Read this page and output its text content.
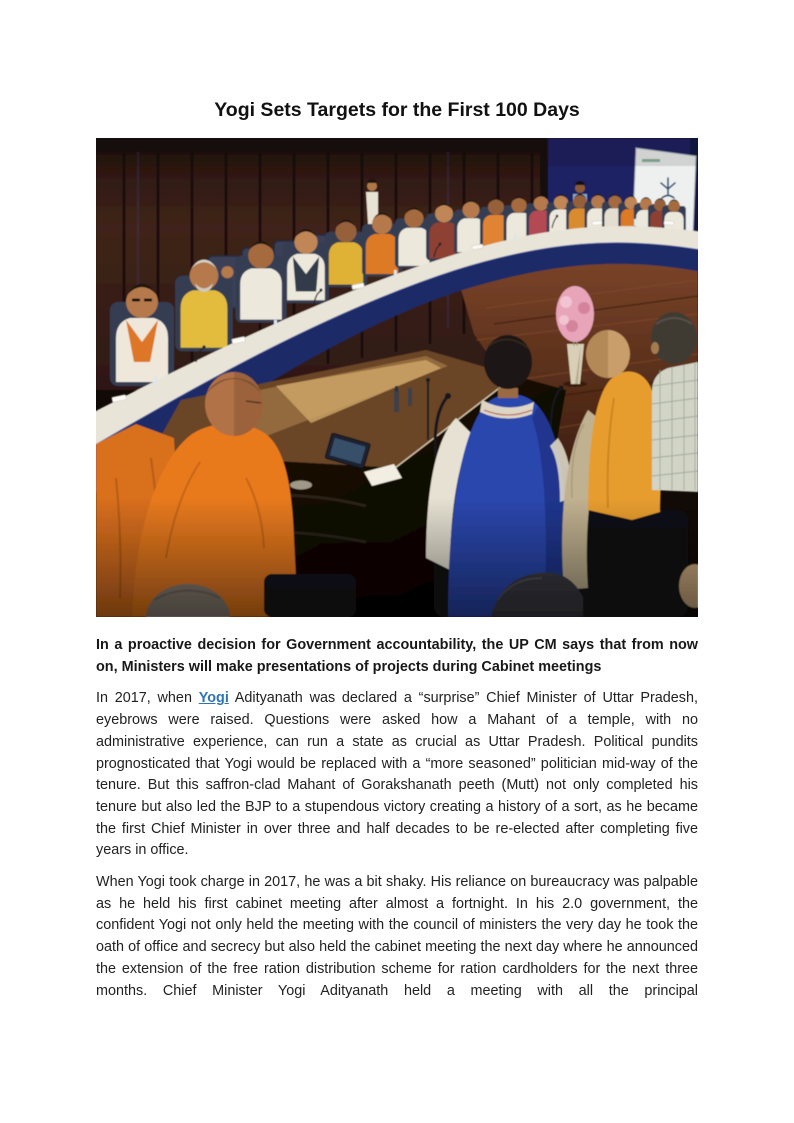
Yogi Sets Targets for the First 100 Days

In a proactive decision for Government accountability, the UP CM says that from now on, Ministers will make presentations of projects during Cabinet meetings

In 2017, when Yogi Adityanath was declared a “surprise” Chief Minister of Uttar Pradesh, eyebrows were raised. Questions were asked how a Mahant of a temple, with no administrative experience, can run a state as crucial as Uttar Pradesh. Political pundits prognosticated that Yogi would be replaced with a “more seasoned” politician mid-way of the tenure. But this saffron-clad Mahant of Gorakshanath peeth (Mutt) not only completed his tenure but also led the BJP to a stupendous victory creating a history of a sort, as he became the first Chief Minister in over three and half decades to be re-elected after completing five years in office.

When Yogi took charge in 2017, he was a bit shaky. His reliance on bureaucracy was palpable as he held his first cabinet meeting after almost a fortnight. In his 2.0 government, the confident Yogi not only held the meeting with the council of ministers the very day he took the oath of office and secrecy but also held the cabinet meeting the next day where he announced the extension of the free ration distribution scheme for ration cardholders for the next three months. Chief Minister Yogi Adityanath held a meeting with all the principal
